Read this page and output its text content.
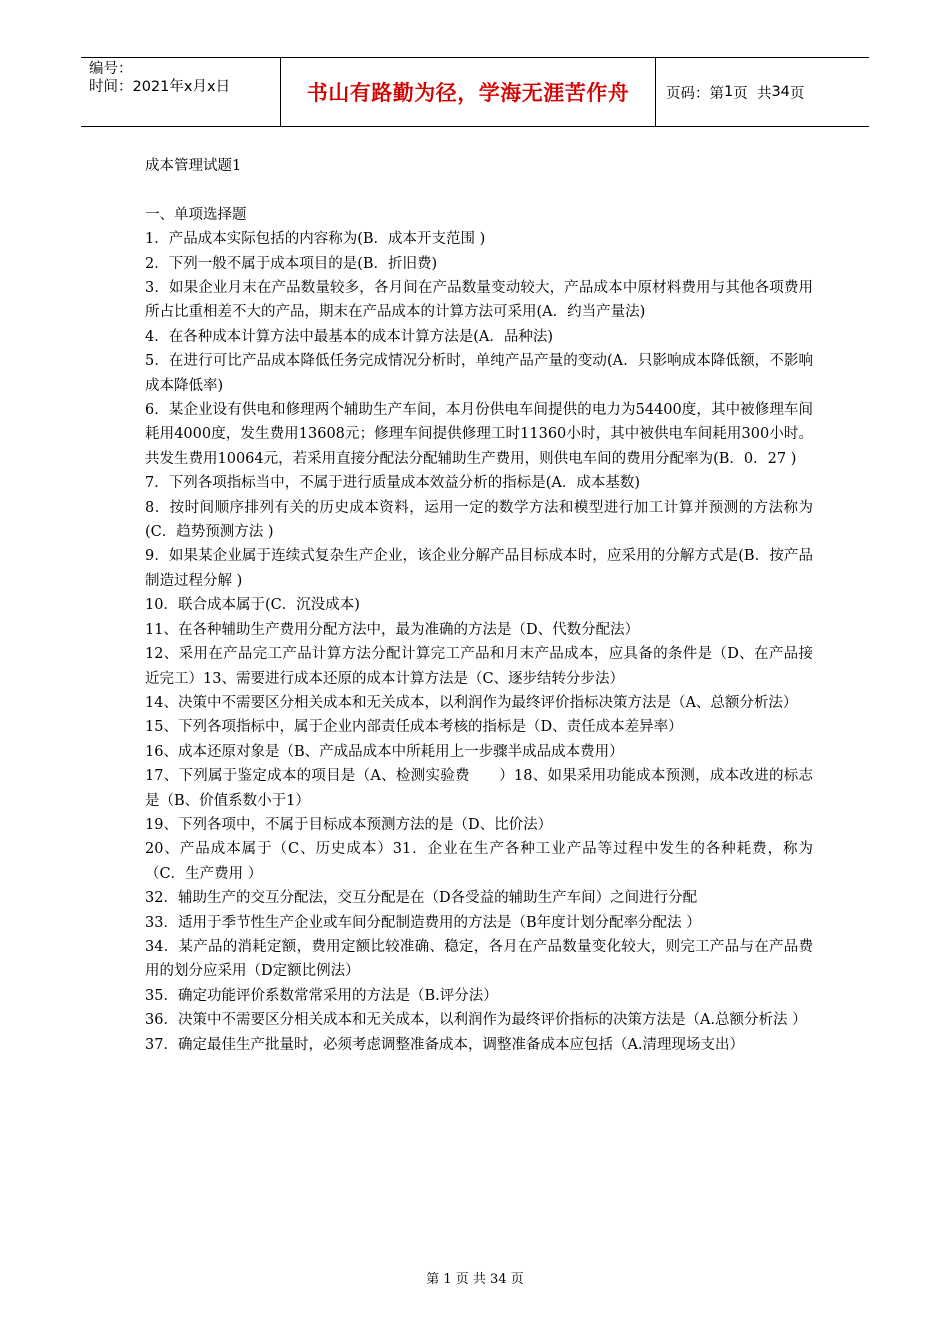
编号：
时间：2021年x月x日	书山有路勤为径，学海无涯苦作舟	页码：第 1 页  共 34 页

成本管理试题1

一、单项选择题

1．产品成本实际包括的内容称为(B．成本开支范围 )

2．下列一般不属于成本项目的是(B．折旧费)

3．如果企业月末在产品数量较多，各月间在产品数量变动较大，产品成本中原材料费用与其他各项费用所占比重相差不大的产品，期末在产品成本的计算方法可采用(A．约当产量法)

4．在各种成本计算方法中最基本的成本计算方法是(A．品种法)

5．在进行可比产品成本降低任务完成情况分析时，单纯产品产量的变动(A．只影响成本降低额，不影响成本降低率)

6．某企业设有供电和修理两个辅助生产车间，本月份供电车间提供的电力为54400度，其中被修理车间耗用4000度，发生费用13608元；修理车间提供修理工时11360小时，其中被供电车间耗用300小时。共发生费用10064元，若采用直接分配法分配辅助生产费用，则供电车间的费用分配率为(B．0．27 )

7．下列各项指标当中，不属于进行质量成本效益分析的指标是(A．成本基数)

8．按时间顺序排列有关的历史成本资料，运用一定的数学方法和模型进行加工计算并预测的方法称为(C．趋势预测方法 )

9．如果某企业属于连续式复杂生产企业，该企业分解产品目标成本时，应采用的分解方式是(B．按产品制造过程分解 )

10．联合成本属于(C．沉没成本)

11、在各种辅助生产费用分配方法中，最为准确的方法是（D、代数分配法）

12、采用在产品完工产品计算方法分配计算完工产品和月末产品成本，应具备的条件是（D、在产品接近完工）13、需要进行成本还原的成本计算方法是（C、逐步结转分步法）

14、决策中不需要区分相关成本和无关成本，以利润作为最终评价指标决策方法是（A、总额分析法）

15、下列各项指标中，属于企业内部责任成本考核的指标是（D、责任成本差异率）

16、成本还原对象是（B、产成品成本中所耗用上一步骤半成品成本费用）

17、下列属于鉴定成本的项目是（A、检测实验费　　）18、如果采用功能成本预测，成本改进的标志是（B、价值系数小于1）

19、下列各项中，不属于目标成本预测方法的是（D、比价法）

20、产品成本属于（C、历史成本）31．企业在生产各种工业产品等过程中发生的各种耗费，称为（C．生产费用 ）

32．辅助生产的交互分配法，交互分配是在（D各受益的辅助生产车间）之间进行分配

33．适用于季节性生产企业或车间分配制造费用的方法是（B年度计划分配率分配法 ）

34．某产品的消耗定额，费用定额比较准确、稳定，各月在产品数量变化较大，则完工产品与在产品费用的划分应采用（D定额比例法）

35．确定功能评价系数常常采用的方法是（B.评分法）

36．决策中不需要区分相关成本和无关成本，以利润作为最终评价指标的决策方法是（A.总额分析法 ）

37．确定最佳生产批量时，必须考虑调整准备成本，调整准备成本应包括（A.清理现场支出）

第 1 页 共 34 页
